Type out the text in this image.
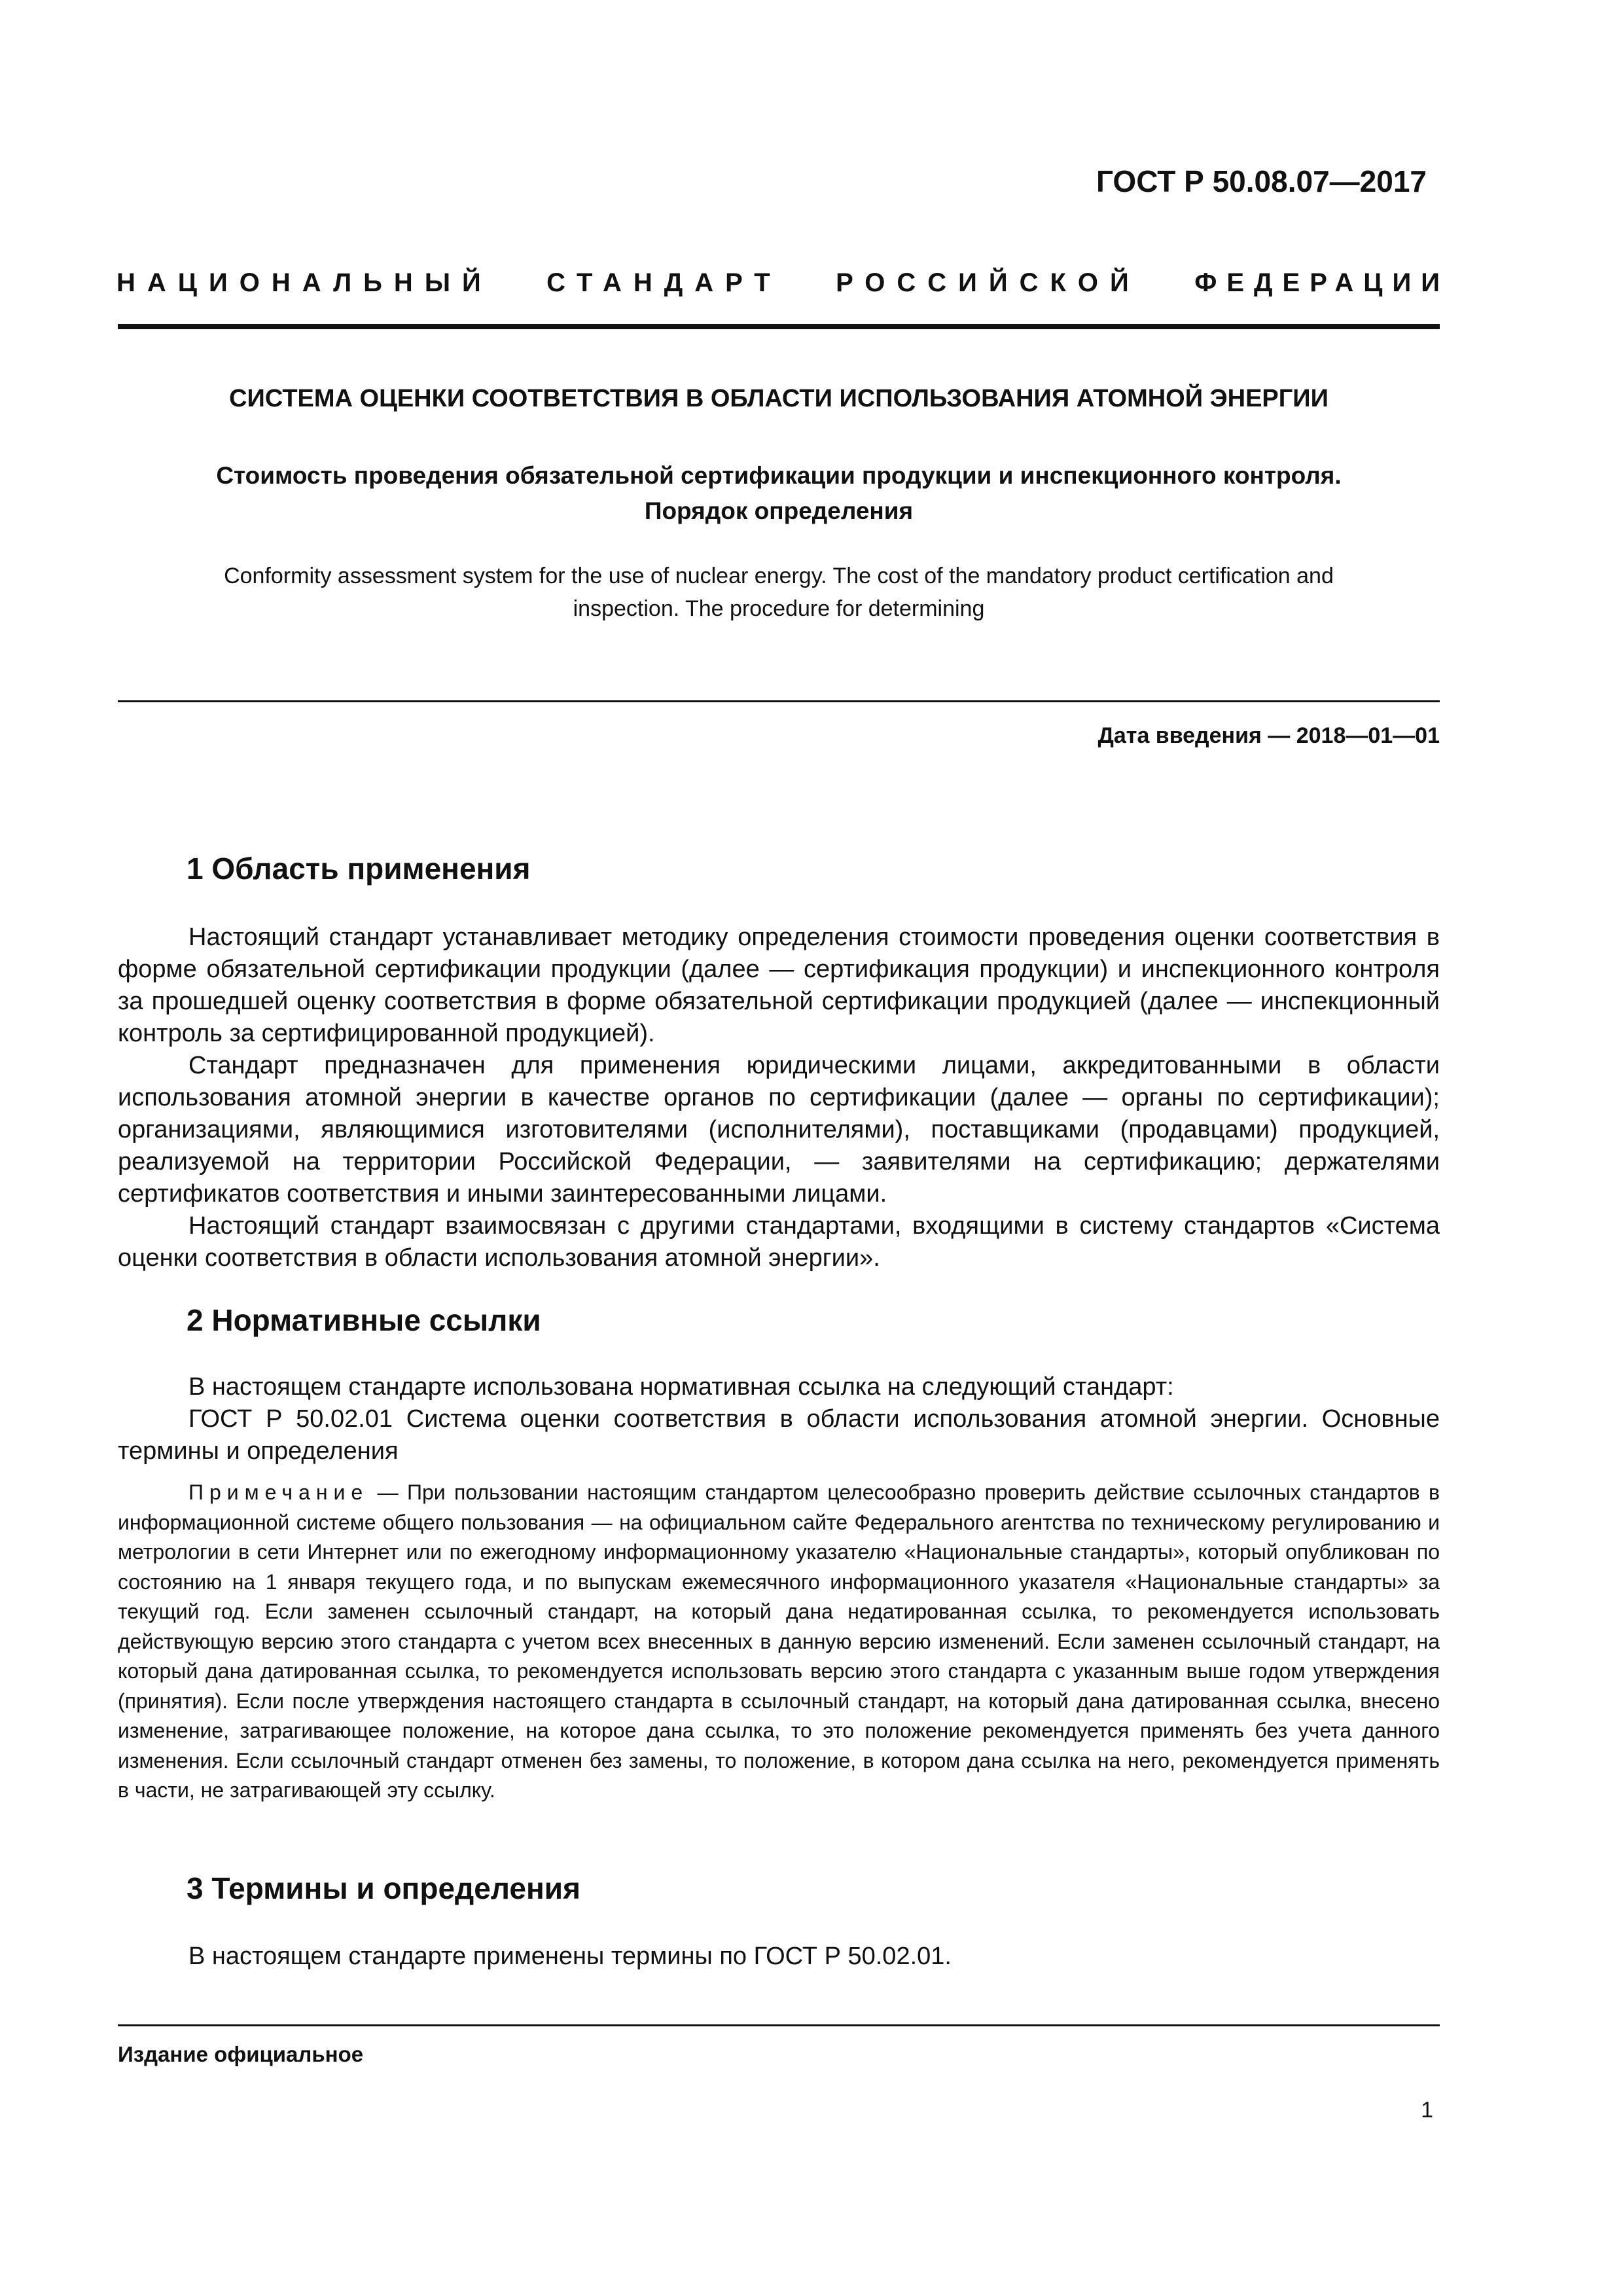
ГОСТ Р 50.08.07—2017
НАЦИОНАЛЬНЫЙ СТАНДАРТ РОССИЙСКОЙ ФЕДЕРАЦИИ
СИСТЕМА ОЦЕНКИ СООТВЕТСТВИЯ В ОБЛАСТИ ИСПОЛЬЗОВАНИЯ АТОМНОЙ ЭНЕРГИИ
Стоимость проведения обязательной сертификации продукции и инспекционного контроля.
Порядок определения
Conformity assessment system for the use of nuclear energy. The cost of the mandatory product certification and
inspection. The procedure for determining
Дата введения — 2018—01—01
1 Область применения

Настоящий стандарт устанавливает методику определения стоимости проведения оценки соответствия в форме обязательной сертификации продукции (далее — сертификация продукции) и инспекционного контроля за прошедшей оценку соответствия в форме обязательной сертификации продукцией (далее — инспекционный контроль за сертифицированной продукцией).

Стандарт предназначен для применения юридическими лицами, аккредитованными в области использования атомной энергии в качестве органов по сертификации (далее — органы по сертификации); организациями, являющимися изготовителями (исполнителями), поставщиками (продавцами) продукцией, реализуемой на территории Российской Федерации, — заявителями на сертификацию; держателями сертификатов соответствия и иными заинтересованными лицами.

Настоящий стандарт взаимосвязан с другими стандартами, входящими в систему стандартов «Система оценки соответствия в области использования атомной энергии».

2 Нормативные ссылки

В настоящем стандарте использована нормативная ссылка на следующий стандарт:

ГОСТ Р 50.02.01 Система оценки соответствия в области использования атомной энергии. Основные термины и определения

Примечание — При пользовании настоящим стандартом целесообразно проверить действие ссылочных стандартов в информационной системе общего пользования — на официальном сайте Федерального агентства по техническому регулированию и метрологии в сети Интернет или по ежегодному информационному указателю «Национальные стандарты», который опубликован по состоянию на 1 января текущего года, и по выпускам ежемесячного информационного указателя «Национальные стандарты» за текущий год. Если заменен ссылочный стандарт, на который дана недатированная ссылка, то рекомендуется использовать действующую версию этого стандарта с учетом всех внесенных в данную версию изменений. Если заменен ссылочный стандарт, на который дана датированная ссылка, то рекомендуется использовать версию этого стандарта с указанным выше годом утверждения (принятия). Если после утверждения настоящего стандарта в ссылочный стандарт, на который дана датированная ссылка, внесено изменение, затрагивающее положение, на которое дана ссылка, то это положение рекомендуется применять без учета данного изменения. Если ссылочный стандарт отменен без замены, то положение, в котором дана ссылка на него, рекомендуется применять в части, не затрагивающей эту ссылку.

3 Термины и определения
В настоящем стандарте применены термины по ГОСТ Р 50.02.01.
Издание официальное
1
